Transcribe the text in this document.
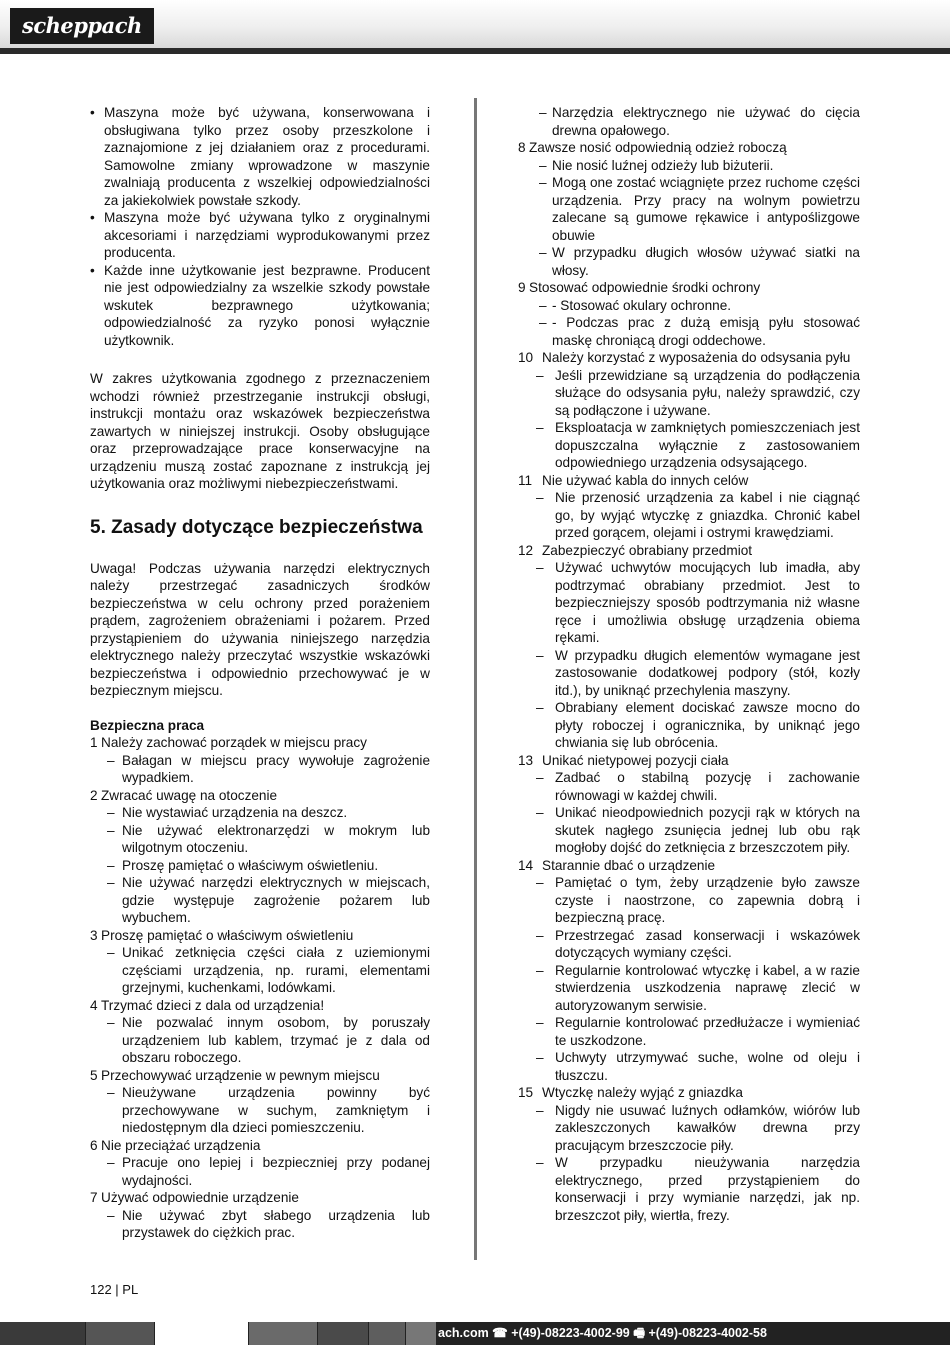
scheppach

• Maszyna może być używana, konserwowana i obsługiwana tylko przez osoby przeszkolone i zaznajomione z jej działaniem oraz z procedurami. Samowolne zmiany wprowadzone w maszynie zwalniają producenta z wszelkiej odpowiedzialności za jakiekolwiek powstałe szkody.

• Maszyna może być używana tylko z oryginalnymi akcesoriami i narzędziami wyprodukowanymi przez producenta.

• Każde inne użytkowanie jest bezprawne. Producent nie jest odpowiedzialny za wszelkie szkody powstałe wskutek bezprawnego użytkowania; odpowiedzialność za ryzyko ponosi wyłącznie użytkownik.

W zakres użytkowania zgodnego z przeznaczeniem wchodzi również przestrzeganie instrukcji obsługi, instrukcji montażu oraz wskazówek bezpieczeństwa zawartych w niniejszej instrukcji. Osoby obsługujące oraz przeprowadzające prace konserwacyjne na urządzeniu muszą zostać zapoznane z instrukcją jej użytkowania oraz możliwymi niebezpieczeństwami.

5. Zasady dotyczące bezpieczeństwa

Uwaga! Podczas używania narzędzi elektrycznych należy przestrzegać zasadniczych środków bezpieczeństwa w celu ochrony przed porażeniem prądem, zagrożeniem obrażeniami i pożarem. Przed przystąpieniem do używania niniejszego narzędzia elektrycznego należy przeczytać wszystkie wskazówki bezpieczeństwa i odpowiednio przechowywać je w bezpiecznym miejscu.

Bezpieczna praca

1 Należy zachować porządek w miejscu pracy

– Bałagan w miejscu pracy wywołuje zagrożenie wypadkiem.

2 Zwracać uwagę na otoczenie

– Nie wystawiać urządzenia na deszcz.

– Nie używać elektronarzędzi w mokrym lub wilgotnym otoczeniu.

– Proszę pamiętać o właściwym oświetleniu.

– Nie używać narzędzi elektrycznych w miejscach, gdzie występuje zagrożenie pożarem lub wybuchem.

3 Proszę pamiętać o właściwym oświetleniu

– Unikać zetknięcia części ciała z uziemionymi częściami urządzenia, np. rurami, elementami grzejnymi, kuchenkami, lodówkami.

4 Trzymać dzieci z dala od urządzenia!

– Nie pozwalać innym osobom, by poruszały urządzeniem lub kablem, trzymać je z dala od obszaru roboczego.

5 Przechowywać urządzenie w pewnym miejscu

– Nieużywane urządzenia powinny być przechowywane w suchym, zamkniętym i niedostępnym dla dzieci pomieszczeniu.

6 Nie przeciążać urządzenia

– Pracuje ono lepiej i bezpieczniej przy podanej wydajności.

7 Używać odpowiednie urządzenie

– Nie używać zbyt słabego urządzenia lub przystawek do ciężkich prac.

– Narzędzia elektrycznego nie używać do cięcia drewna opałowego.

8 Zawsze nosić odpowiednią odzież roboczą

– Nie nosić luźnej odzieży lub biżuterii.

– Mogą one zostać wciągnięte przez ruchome części urządzenia. Przy pracy na wolnym powietrzu zalecane są gumowe rękawice i antypoślizgowe obuwie

– W przypadku długich włosów używać siatki na włosy.

9 Stosować odpowiednie środki ochrony

– - Stosować okulary ochronne.

– - Podczas prac z dużą emisją pyłu stosować maskę chroniącą drogi oddechowe.

10 Należy korzystać z wyposażenia do odsysania pyłu

– Jeśli przewidziane są urządzenia do podłączenia służące do odsysania pyłu, należy sprawdzić, czy są podłączone i używane.

– Eksploatacja w zamkniętych pomieszczeniach jest dopuszczalna wyłącznie z zastosowaniem odpowiedniego urządzenia odsysającego.

11 Nie używać kabla do innych celów

– Nie przenosić urządzenia za kabel i nie ciągnąć go, by wyjąć wtyczkę z gniazdka. Chronić kabel przed gorącem, olejami i ostrymi krawędziami.

12 Zabezpieczyć obrabiany przedmiot

– Używać uchwytów mocujących lub imadła, aby podtrzymać obrabiany przedmiot. Jest to bezpieczniejszy sposób podtrzymania niż własne ręce i umożliwia obsługę urządzenia obiema rękami.

– W przypadku długich elementów wymagane jest zastosowanie dodatkowej podpory (stół, kozły itd.), by uniknąć przechylenia maszyny.

– Obrabiany element dociskać zawsze mocno do płyty roboczej i ogranicznika, by uniknąć jego chwiania się lub obrócenia.

13 Unikać nietypowej pozycji ciała

– Zadbać o stabilną pozycję i zachowanie równowagi w każdej chwili.

– Unikać nieodpowiednich pozycji rąk w których na skutek nagłego zsunięcia jednej lub obu rąk mogłoby dojść do zetknięcia z brzeszczotem piły.

14 Starannie dbać o urządzenie

– Pamiętać o tym, żeby urządzenie było zawsze czyste i naostrzone, co zapewnia dobrą i bezpieczną pracę.

– Przestrzegać zasad konserwacji i wskazówek dotyczących wymiany części.

– Regularnie kontrolować wtyczkę i kabel, a w razie stwierdzenia uszkodzenia naprawę zlecić w autoryzowanym serwisie.

– Regularnie kontrolować przedłużacze i wymieniać te uszkodzone.

– Uchwyty utrzymywać suche, wolne od oleju i tłuszczu.

15 Wtyczkę należy wyjąć z gniazdka

– Nigdy nie usuwać luźnych odłamków, wiórów lub zakleszczonych kawałków drewna przy pracującym brzeszczocie piły.

– W przypadku nieużywania narzędzia elektrycznego, przed przystąpieniem do konserwacji i przy wymianie narzędzi, jak np. brzeszczot piły, wiertła, frezy.

122 | PL
ach.com ☎ +(49)-08223-4002-99 🖷 +(49)-08223-4002-58
